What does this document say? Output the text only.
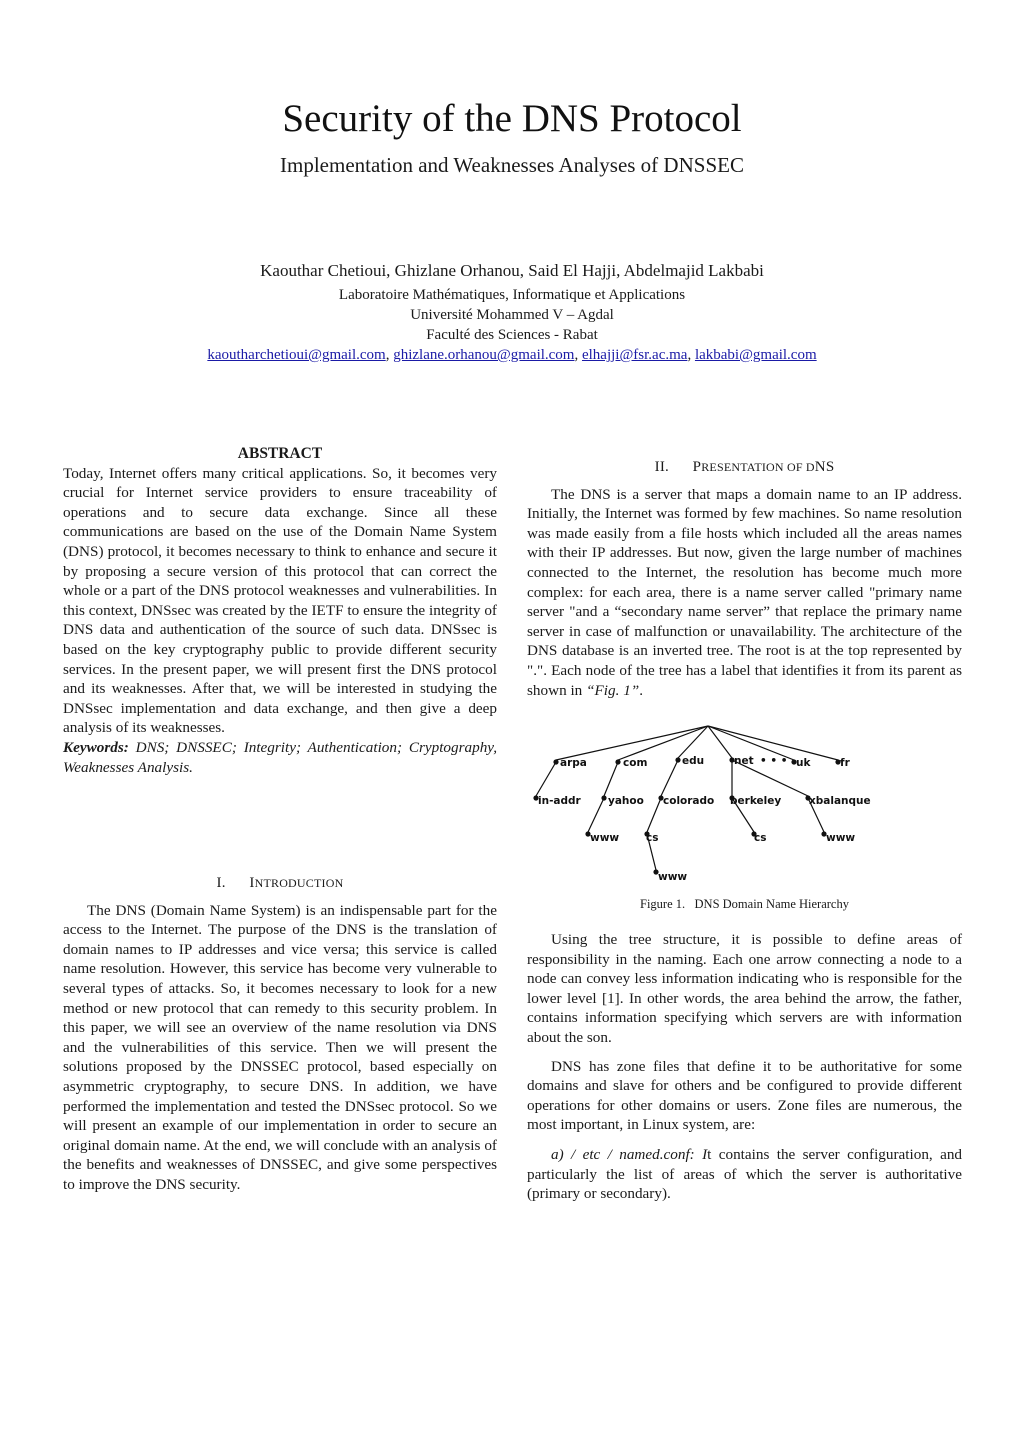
Security of the DNS Protocol
Implementation and Weaknesses Analyses of DNSSEC
Kaouthar Chetioui, Ghizlane Orhanou, Said El Hajji, Abdelmajid Lakbabi
Laboratoire Mathématiques, Informatique et Applications
Université Mohammed V – Agdal
Faculté des Sciences - Rabat
kaoutharchetioui@gmail.com, ghizlane.orhanou@gmail.com, elhajji@fsr.ac.ma, lakbabi@gmail.com
ABSTRACT

Today, Internet offers many critical applications. So, it becomes very crucial for Internet service providers to ensure traceability of operations and to secure data exchange. Since all these communications are based on the use of the Domain Name System (DNS) protocol, it becomes necessary to think to enhance and secure it by proposing a secure version of this protocol that can correct the whole or a part of the DNS protocol weaknesses and vulnerabilities. In this context, DNSsec was created by the IETF to ensure the integrity of DNS data and authentication of the source of such data. DNSsec is based on the key cryptography public to provide different security services. In the present paper, we will present first the DNS protocol and its weaknesses. After that, we will be interested in studying the DNSsec implementation and data exchange, and then give a deep analysis of its weaknesses.

Keywords: DNS; DNSSEC; Integrity; Authentication; Cryptography, Weaknesses Analysis.

I. INTRODUCTION

The DNS (Domain Name System) is an indispensable part for the access to the Internet. The purpose of the DNS is the translation of domain names to IP addresses and vice versa; this service is called name resolution. However, this service has become very vulnerable to several types of attacks. So, it becomes necessary to look for a new method or new protocol that can remedy to this security problem. In this paper, we will see an overview of the name resolution via DNS and the vulnerabilities of this service. Then we will present the solutions proposed by the DNSSEC protocol, based especially on asymmetric cryptography, to secure DNS. In addition, we have performed the implementation and tested the DNSsec protocol. So we will present an example of our implementation in order to secure an original domain name. At the end, we will conclude with an analysis of the benefits and weaknesses of DNSSEC, and give some perspectives to improve the DNS security.

II. PRESENTATION OF DNS

The DNS is a server that maps a domain name to an IP address. Initially, the Internet was formed by few machines. So name resolution was made easily from a file hosts which included all the areas names with their IP addresses. But now, given the large number of machines connected to the Internet, the resolution has become much more complex: for each area, there is a name server called "primary name server "and a “secondary name server” that replace the primary name server in case of malfunction or unavailability. The architecture of the DNS database is an inverted tree. The root is at the top represented by ".". Each node of the tree has a label that identifies it from its parent as shown in “Fig. 1”.

arpa	com	edu	net • • • uk	fr
in-addr	yahoo colorado berkeley	xbalanque
www	cs	cs	www
www
Figure 1. DNS Domain Name Hierarchy

Using the tree structure, it is possible to define areas of responsibility in the naming. Each one arrow connecting a node to a node can convey less information indicating who is responsible for the lower level [1]. In other words, the area behind the arrow, the father, contains information specifying which servers are with information about the son.

DNS has zone files that define it to be authoritative for some domains and slave for others and be configured to provide different operations for other domains or users. Zone files are numerous, the most important, in Linux system, are:

a) / etc / named.conf: It contains the server configuration, and particularly the list of areas of which the server is authoritative (primary or secondary).
